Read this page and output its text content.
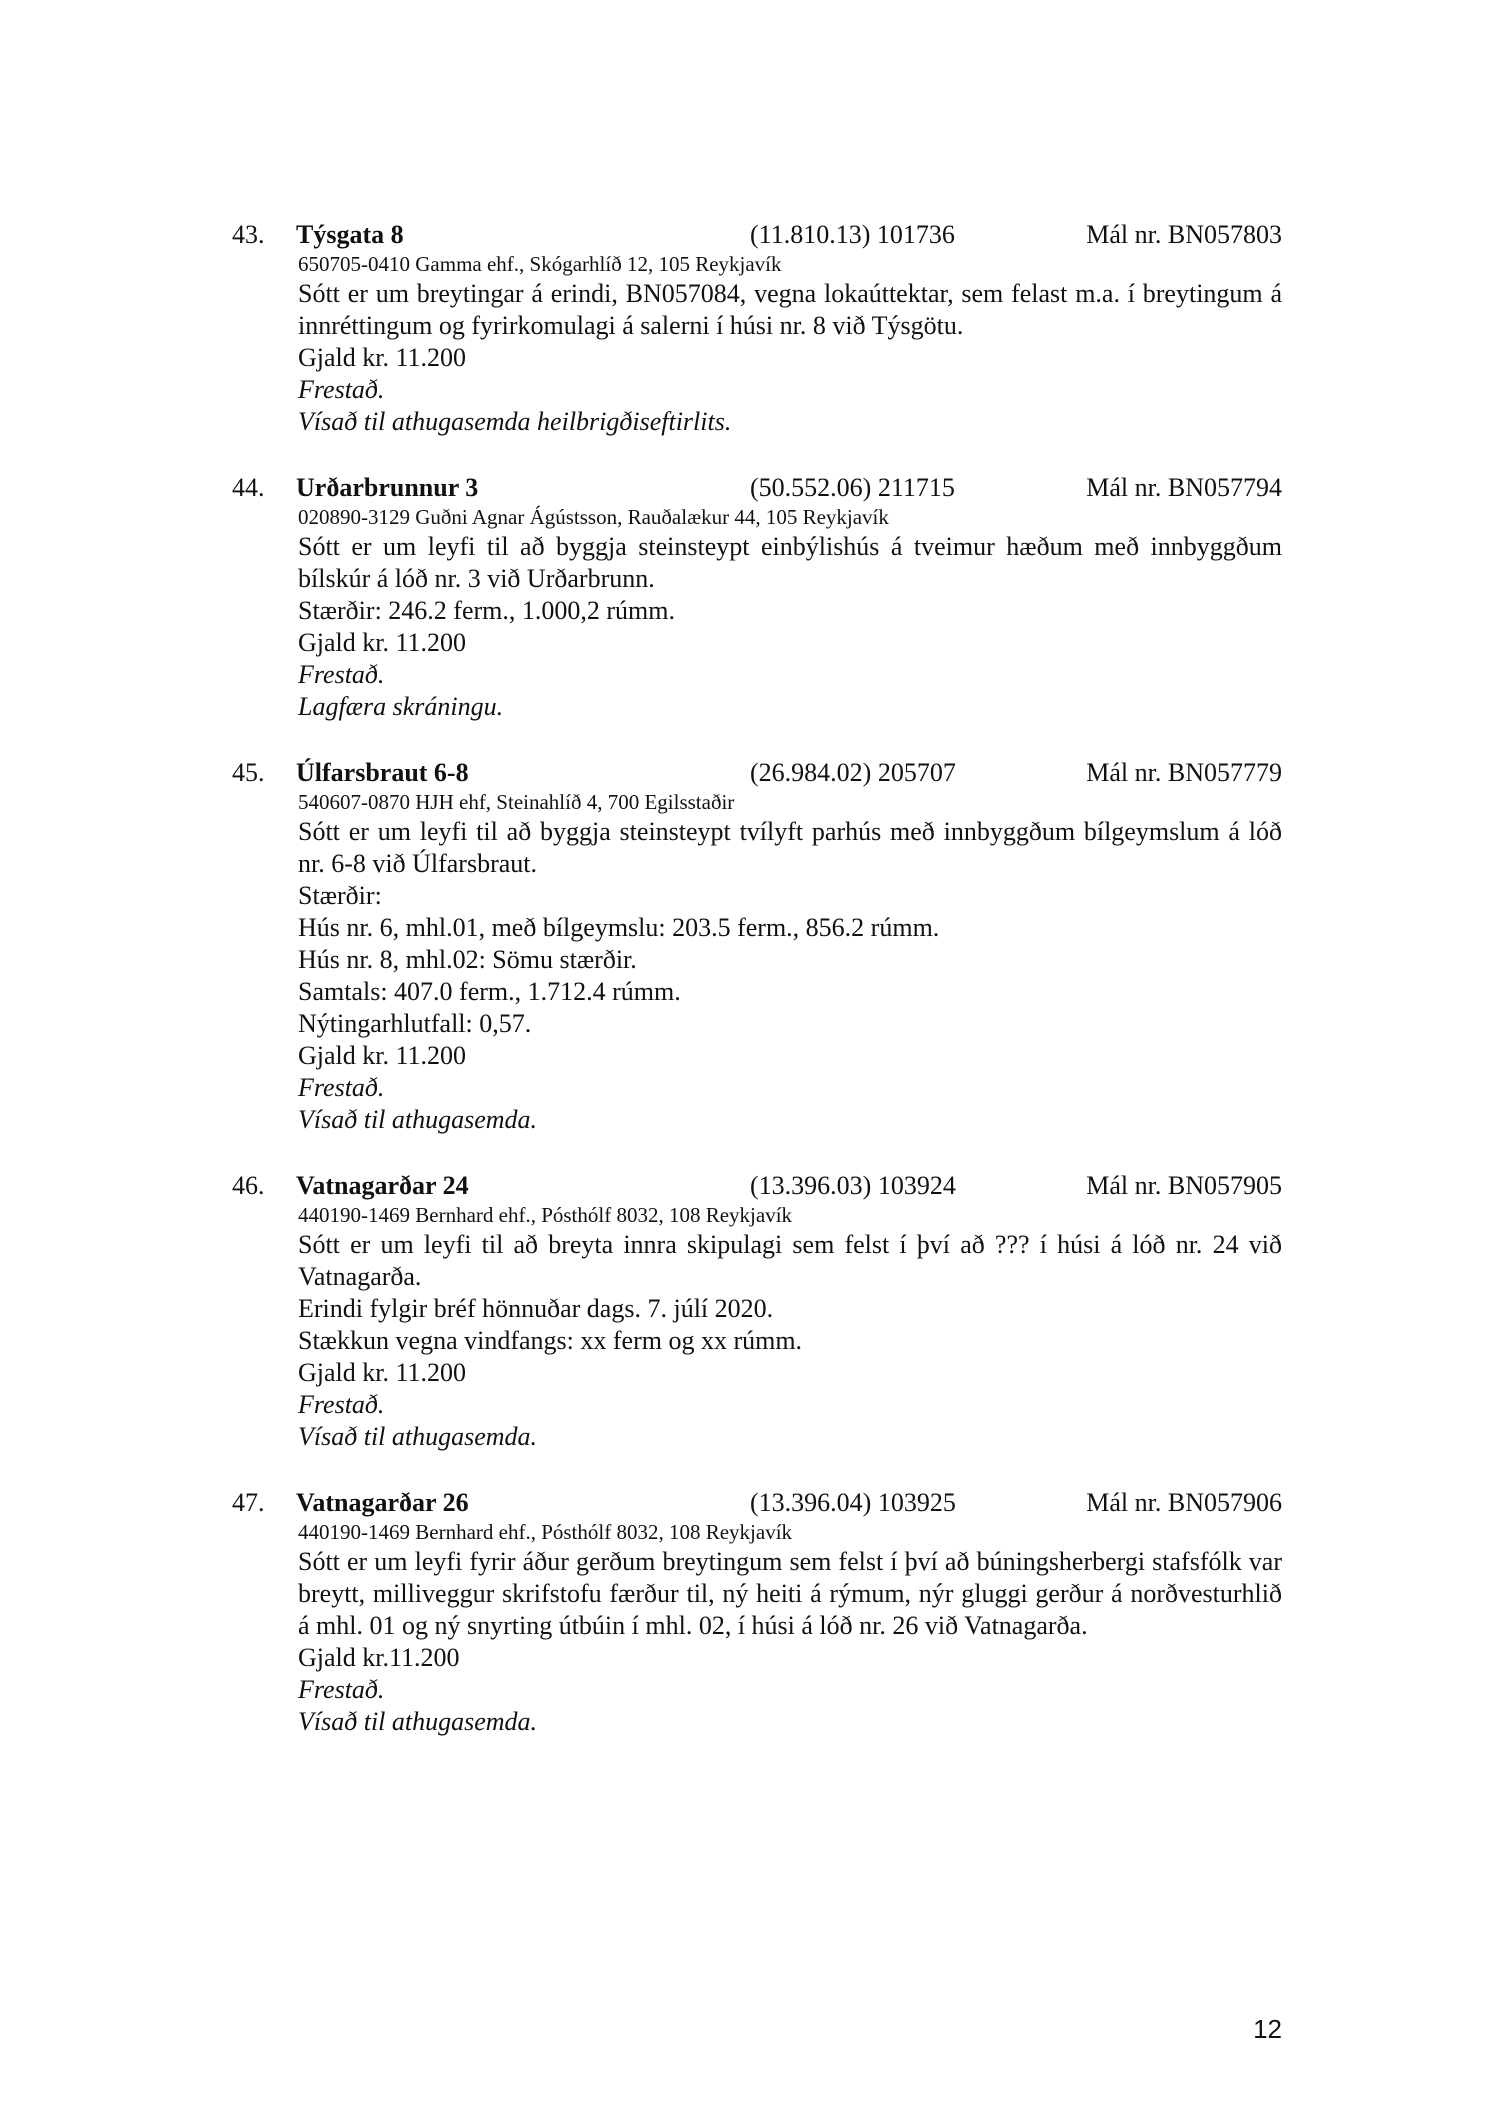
43. Týsgata 8	(11.810.13) 101736	Mál nr. BN057803
650705-0410 Gamma ehf., Skógarhlíð 12, 105 Reykjavík
Sótt er um breytingar á erindi, BN057084, vegna lokaúttektar, sem felast m.a. í breytingum á innréttingum og fyrirkomulagi á salerni í húsi nr. 8 við Týsgötu.
Gjald kr. 11.200
Frestað.
Vísað til athugasemda heilbrigðiseftirlits.
44. Urðarbrunnur 3	(50.552.06) 211715	Mál nr. BN057794
020890-3129 Guðni Agnar Ágústsson, Rauðalækur 44, 105 Reykjavík
Sótt er um leyfi til að byggja steinsteypt einbýlishús á tveimur hæðum með innbyggðum bílskúr á lóð nr. 3 við Urðarbrunn.
Stærðir: 246.2 ferm., 1.000,2 rúmm.
Gjald kr. 11.200
Frestað.
Lagfæra skráningu.
45. Úlfarsbraut 6-8	(26.984.02) 205707	Mál nr. BN057779
540607-0870 HJH ehf, Steinahlíð 4, 700 Egilsstaðir
Sótt er um leyfi til að byggja steinsteypt tvílyft parhús með innbyggðum bílgeymslum á lóð nr. 6-8 við Úlfarsbraut.
Stærðir:
Hús nr. 6, mhl.01, með bílgeymslu: 203.5 ferm., 856.2 rúmm.
Hús nr. 8, mhl.02: Sömu stærðir.
Samtals: 407.0 ferm., 1.712.4 rúmm.
Nýtingarhlutfall: 0,57.
Gjald kr. 11.200
Frestað.
Vísað til athugasemda.
46. Vatnagarðar 24	(13.396.03) 103924	Mál nr. BN057905
440190-1469 Bernhard ehf., Pósthólf 8032, 108 Reykjavík
Sótt er um leyfi til að breyta innra skipulagi sem felst í því að ??? í húsi á lóð nr. 24 við Vatnagarða.
Erindi fylgir bréf hönnuðar dags. 7. júlí 2020.
Stækkun vegna vindfangs: xx ferm og xx rúmm.
Gjald kr. 11.200
Frestað.
Vísað til athugasemda.
47. Vatnagarðar 26	(13.396.04) 103925	Mál nr. BN057906
440190-1469 Bernhard ehf., Pósthólf 8032, 108 Reykjavík
Sótt er um leyfi fyrir áður gerðum breytingum sem felst í því að búningsherbergi stafsfólk var breytt, milliveggur skrifstofu færður til, ný heiti á rýmum, nýr gluggi gerður á norðvesturhlið á mhl. 01 og ný snyrting útbúin í mhl. 02, í húsi á lóð nr. 26 við Vatnagarða.
Gjald kr.11.200
Frestað.
Vísað til athugasemda.
12
